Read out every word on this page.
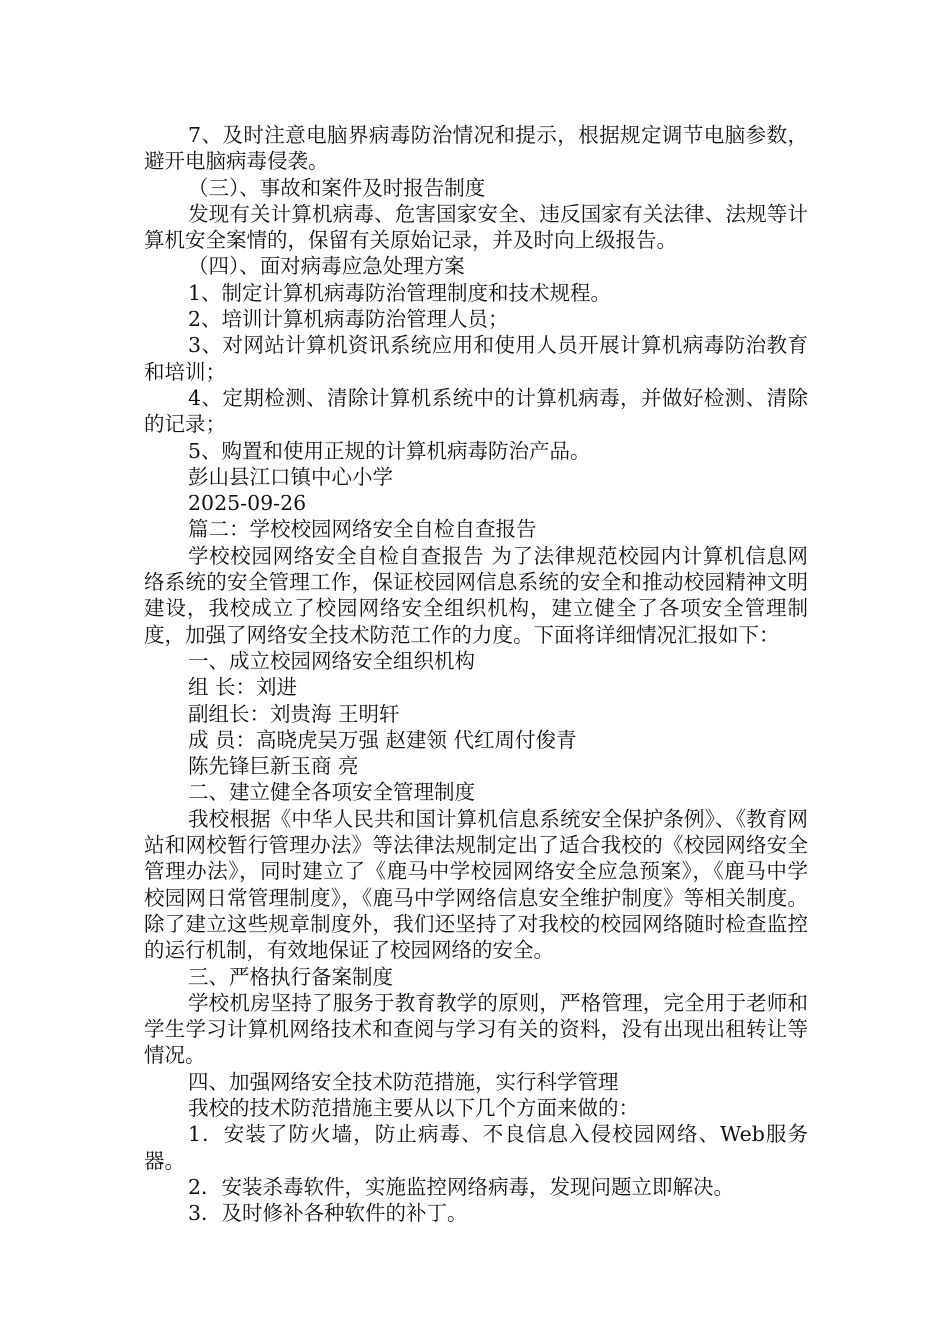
7、及时注意电脑界病毒防治情况和提示，根据规定调节电脑参数，避开电脑病毒侵袭。

（三）、事故和案件及时报告制度

发现有关计算机病毒、危害国家安全、违反国家有关法律、法规等计算机安全案情的，保留有关原始记录，并及时向上级报告。

（四）、面对病毒应急处理方案

1、制定计算机病毒防治管理制度和技术规程。

2、培训计算机病毒防治管理人员；

3、对网站计算机资讯系统应用和使用人员开展计算机病毒防治教育和培训；

4、定期检测、清除计算机系统中的计算机病毒，并做好检测、清除的记录；

5、购置和使用正规的计算机病毒防治产品。

彭山县江口镇中心小学

2025-09-26

篇二：学校校园网络安全自检自查报告

学校校园网络安全自检自查报告 为了法律规范校园内计算机信息网络系统的安全管理工作，保证校园网信息系统的安全和推动校园精神文明建设，我校成立了校园网络安全组织机构，建立健全了各项安全管理制度，加强了网络安全技术防范工作的力度。下面将详细情况汇报如下：

一、成立校园网络安全组织机构

组 长：刘进

副组长：刘贵海 王明轩

成 员：高晓虎吴万强 赵建领 代红周付俊青

陈先锋巨新玉商 亮

二、建立健全各项安全管理制度

我校根据《中华人民共和国计算机信息系统安全保护条例》、《教育网站和网校暂行管理办法》等法律法规制定出了适合我校的《校园网络安全管理办法》，同时建立了《鹿马中学校园网络安全应急预案》，《鹿马中学校园网日常管理制度》，《鹿马中学网络信息安全维护制度》等相关制度。除了建立这些规章制度外，我们还坚持了对我校的校园网络随时检查监控的运行机制，有效地保证了校园网络的安全。

三、严格执行备案制度

学校机房坚持了服务于教育教学的原则，严格管理，完全用于老师和学生学习计算机网络技术和查阅与学习有关的资料，没有出现出租转让等情况。

四、加强网络安全技术防范措施，实行科学管理

我校的技术防范措施主要从以下几个方面来做的：

1．安装了防火墙，防止病毒、不良信息入侵校园网络、Web服务器。

2．安装杀毒软件，实施监控网络病毒，发现问题立即解决。

3．及时修补各种软件的补丁。
